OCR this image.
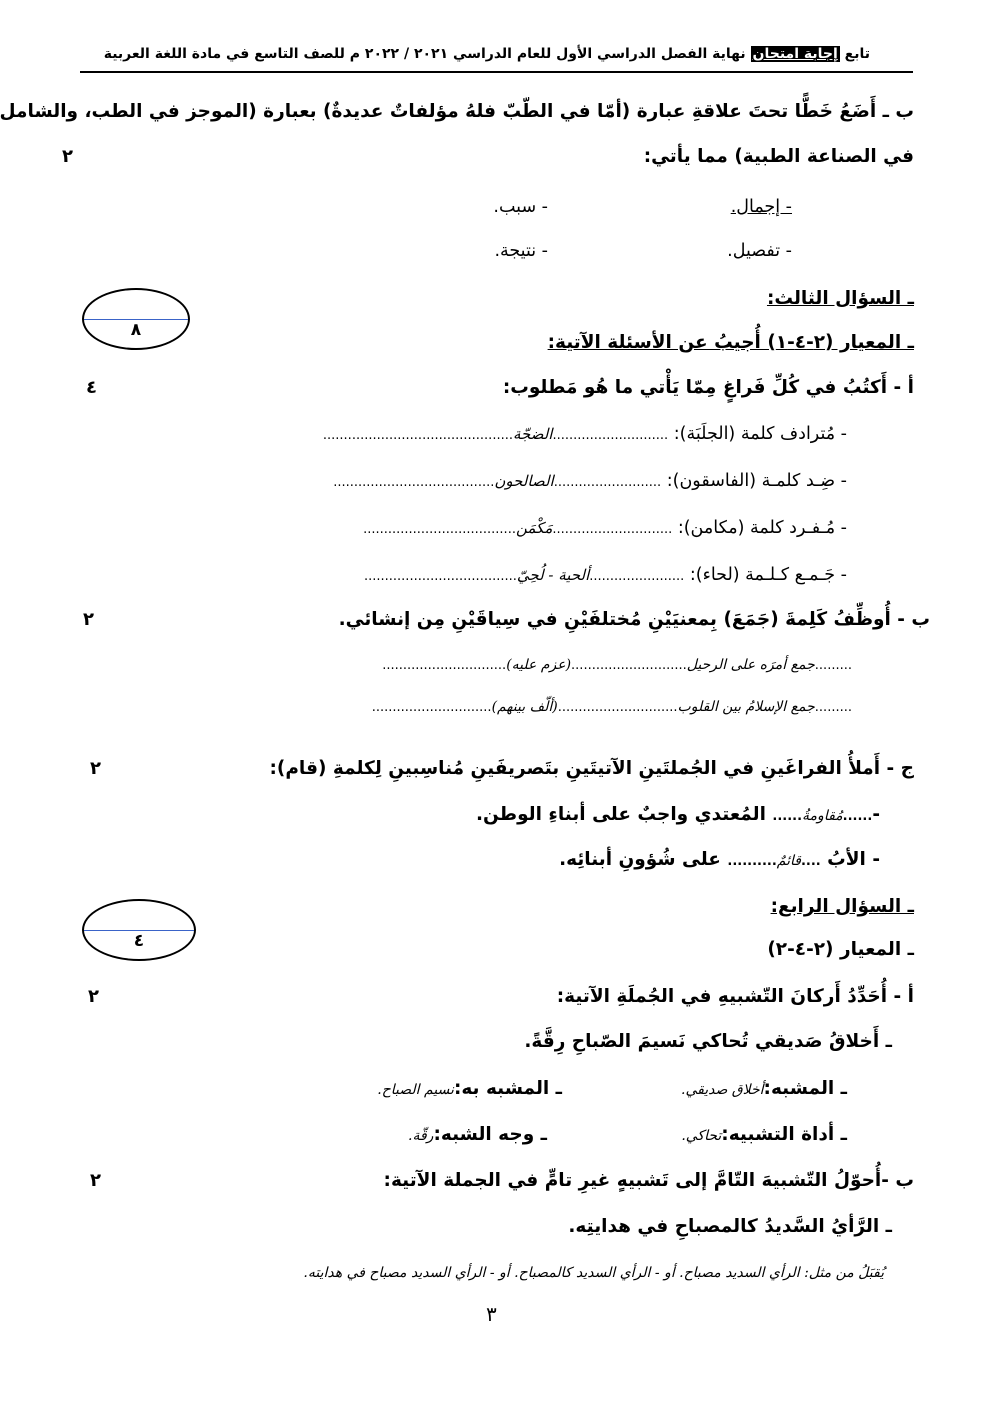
تابع إجابة امتحان نهاية الفصل الدراسي الأول للعام الدراسي ٢٠٢١ / ٢٠٢٢ م للصف التاسع في مادة اللغة العربية
ب ـ أَضَعُ خَطًّا تحتَ علاقةِ عبارة (أمّا في الطّبّ فلهُ مؤلفاتٌ عديدةٌ) بعبارة (الموجز في الطب، والشامل
في الصناعة الطبية) مما يأتي:
٢
- إجمال.
- سبب.
- تفصيل.
- نتيجة.
ـ السؤال الثالث:
٨
ـ المعيار (٢-٤-١) أُجيبُ عن الأسئلة الآتية:
أ - أَكتُبُ في كُلِّ فَراغٍ مِمّا يَأْتي ما هُو مَطلوب:
٤
- مُترادف كلمة (الجلَبَة): ............................الضجّة..............................................
- ضِـد كلمـة (الفاسقون): ..........................الصالحون.......................................
- مُـفـرد كلمة (مكامن): .............................مَكْمَن.....................................
- جَـمـع كـلـمة (لحاء): .......................ألحية - لُحِيّ.....................................
ب - أُوظِّفُ كَلِمةَ (جَمَعَ) بِمعنيَيْنِ مُختلفَيْنِ في سِياقَيْنِ مِن إنشائي.
٢
.........جمع أمرَه على الرحيل............................(عزم عليه)..............................
.........جمع الإسلامُ بين القلوب.............................(ألّف بينهم).............................
ج - أَملأُ الفراغَينِ في الجُملتَينِ الآتيتَينِ بتَصريفَينِ مُناسِبينِ لِكلمةِ (قام):
٢
-......مُقاومةُ...... المُعتدي واجبٌ على أبناءِ الوطن.
- الأبُ ....قائمٌ.......... على شُؤونِ أبنائِه.
ـ السؤال الرابع:
٤	ـ المعيار (٢-٤-٢)
أ - أُحَدِّدُ أَركانَ التّشبيهِ في الجُملَةِ الآتية:
٢
ـ أَخلاقُ صَديقي تُحاكي نَسيمَ الصّباحِ رِقَّةً.
ـ المشبه:أخلاق صديقي.
ـ المشبه به:نسيم الصباح.
ـ أداة التشبيه:تحاكي.
ـ وجه الشبه:رقّة.
ب -أُحوّلُ التّشبيهَ التّامَّ إلى تَشبيهٍ غيرِ تامٍّ في الجملة الآتية:
٢
ـ الرَّأيُ السَّديدُ كالمصباحِ في هدايتِه.
يُقبَلُ من مثل: الرأي السديد مصباح. أو - الرأي السديد كالمصباح. أو - الرأي السديد مصباح في هدايته.
٣
